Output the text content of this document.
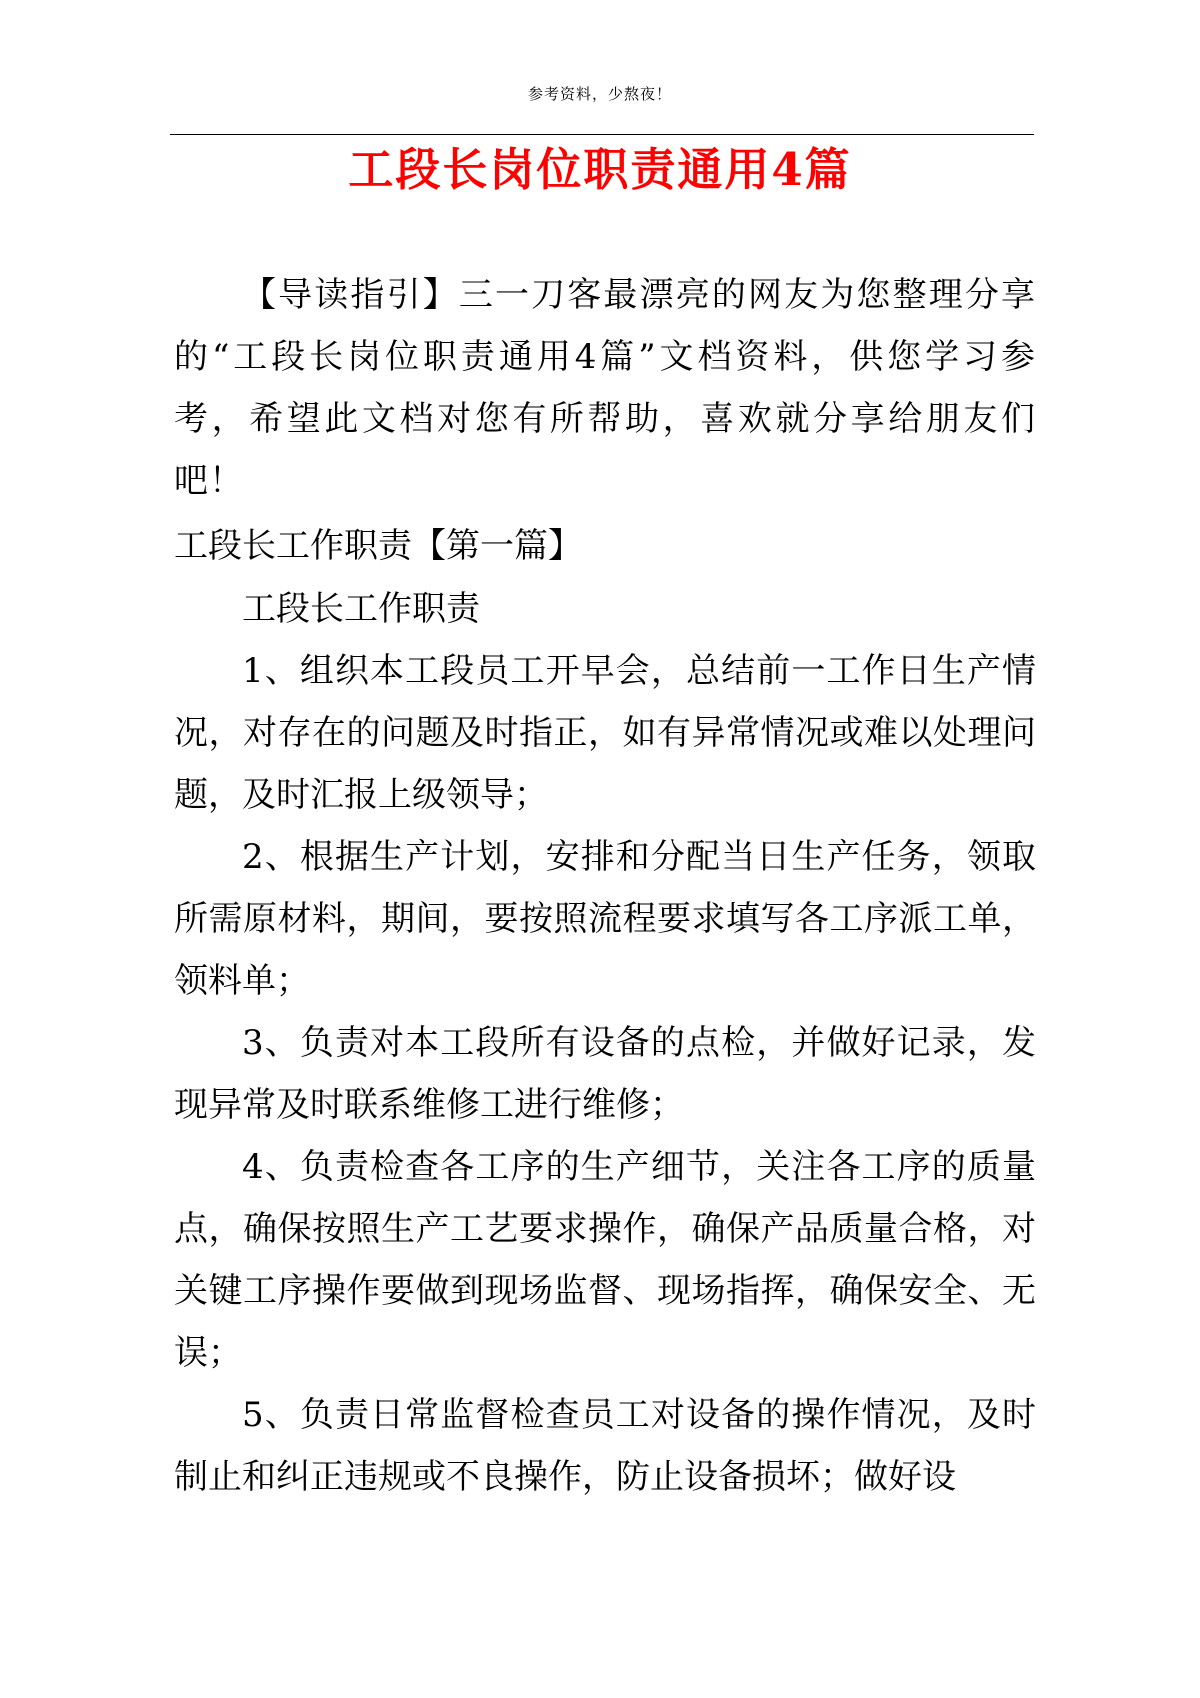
参考资料，少熬夜！
工段长岗位职责通用4篇

【导读指引】三一刀客最漂亮的网友为您整理分享的“工段长岗位职责通用4篇”文档资料，供您学习参考，希望此文档对您有所帮助，喜欢就分享给朋友们吧！

工段长工作职责【第一篇】

工段长工作职责

1、组织本工段员工开早会，总结前一工作日生产情况，对存在的问题及时指正，如有异常情况或难以处理问题，及时汇报上级领导；

2、根据生产计划，安排和分配当日生产任务，领取所需原材料，期间，要按照流程要求填写各工序派工单，领料单；

3、负责对本工段所有设备的点检，并做好记录，发现异常及时联系维修工进行维修；

4、负责检查各工序的生产细节，关注各工序的质量点，确保按照生产工艺要求操作，确保产品质量合格，对关键工序操作要做到现场监督、现场指挥，确保安全、无误；

5、负责日常监督检查员工对设备的操作情况，及时制止和纠正违规或不良操作，防止设备损坏；做好设
